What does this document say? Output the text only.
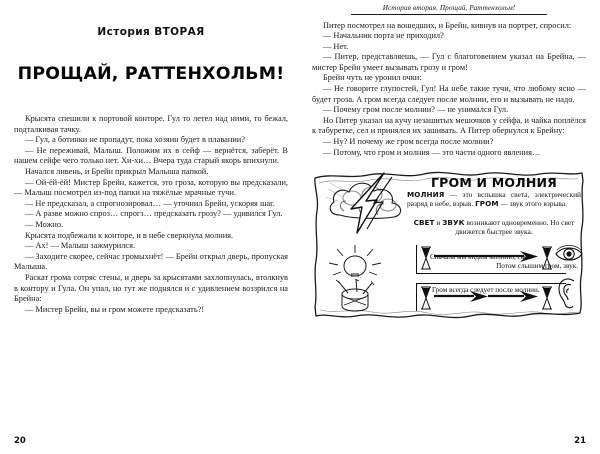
История ВТОРАЯ
ПРОЩАЙ, РАТТЕНХОЛЬМ!

Крысята спешили к портовой конторе. Гул то летел над ними, то бежал, подталкивая тачку.

— Гул, а ботинки не пропадут, пока хозяин будет в плавании?

— Не переживай, Малыш. Положим их в сейф — вернётся, заберёт. В нашем сейфе чего только нет. Хи-хи… Вчера туда старый якорь впихнули.

Начался ливень, и Брейн прикрыл Малыша папкой.

— Ой-ёй-ёй! Мистер Брейн, кажется, это гроза, которую вы предсказали, — Малыш посмотрел из-под папки на тяжёлые мрачные тучи.

— Не предсказал, а спрогнозировал… — уточнил Брейн, ускоряя шаг.

— А разве можно спроз… спрогз… предсказать грозу? — удивился Гул.

— Можно.

Крысята подбежали к конторе, и в небе сверкнула молния.

— Ах! — Малыш зажмурился.

— Заходите скорее, сейчас громыхнёт! — Брейн открыл дверь, пропуская Малыша.

Раскат грома сотряс стены, и дверь за крысятами захлопнулась, втолкнув в контору и Гула. Он упал, но тут же поднялся и с удивлением воззрился на Брейна:

— Мистер Брейн, вы и гром можете предсказать?!

20
История вторая. Прощай, Раттенхольм!

Питер посмотрел на вошедших, и Брейн, кивнув на портрет, спросил:

— Начальник порта не приходил?

— Нет.

— Питер, представляешь, — Гул с благоговением указал на Брейна, — мистер Брейн умеет вызывать грозу и гром!

Брейн чуть не уронил очки:

— Не говорите глупостей, Гул! На небе такие тучи, что любому ясно — будет гроза. А гром всегда следует после молнии, его и вызывать не надо.

— Почему гром после молнии? — не унимался Гул.

Но Питер указал на кучу незашитых мешочков у сейфа, и чайка поплёлся к табуретке, сел и принялся их зашивать. А Питер обернулся к Брейну:

— Ну? И почему же гром всегда после молнии?

— Потому, что гром и молния — это части одного явления…

ГРОМ И МОЛНИЯ
МОЛНИЯ — это вспышка света, электрический разряд в небе, взрыв. ГРОМ — звук этого взрыва.
СВЕТ и ЗВУК возникают одновременно. Но свет движется быстрее звука.
Сначала мы видим молнию, свет.
Потом слышим гром, звук.
Гром всегда следует после молнии.
21
